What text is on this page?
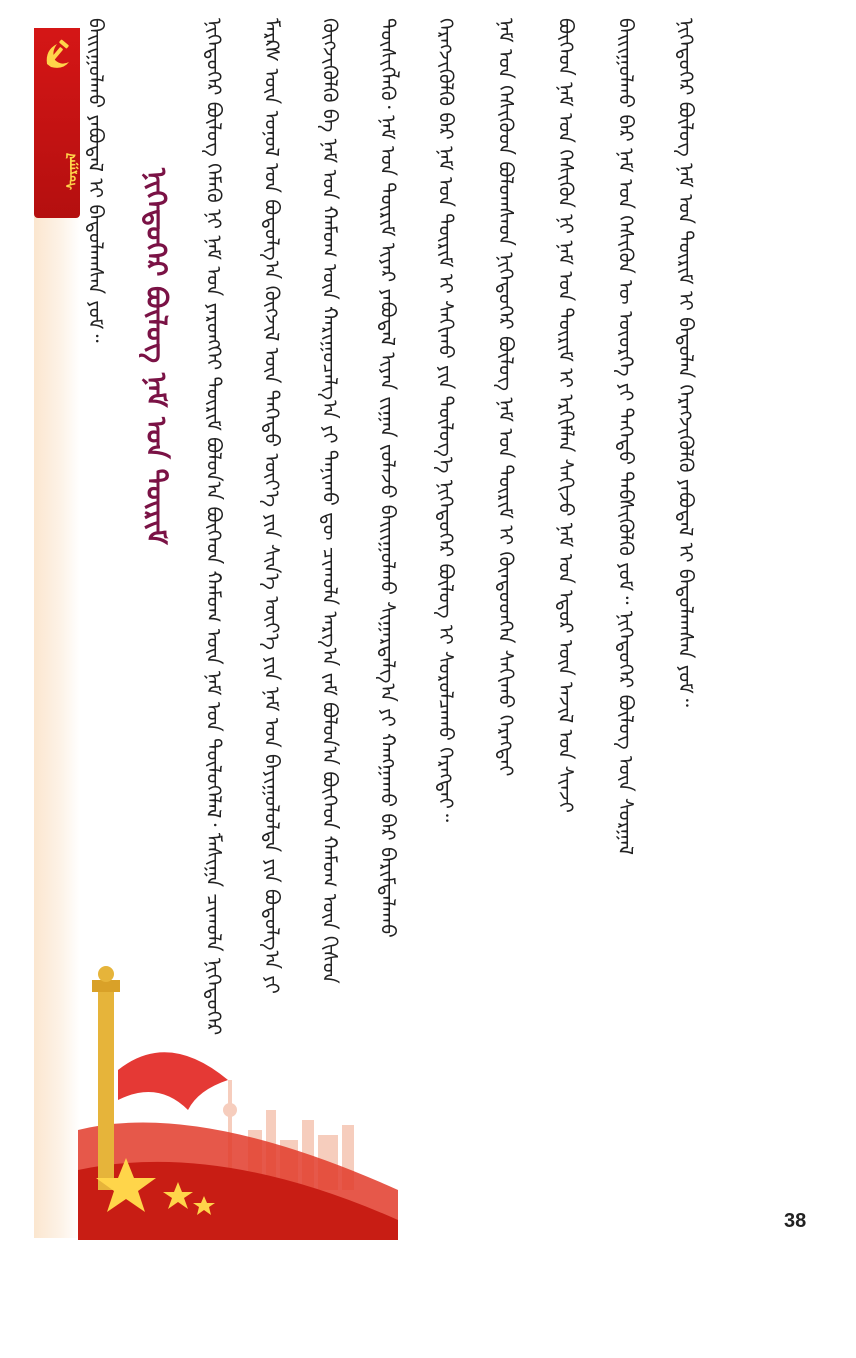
ᠰᠤᠷᠭᠠᠯ ᠪᠠᠢᠢᠭᠤᠯᠬᠤ ᠶᠠᠪᠤᠳᠠᠯ ᠢ ᠪᠠᠲᠤᠯᠠᠭᠰᠠᠨ ᠶᠤᠮ᠃ ᠨᠢᠭᠡᠳᠦᠭᠡᠷ ᠪᠦᠯᠦᠭ ᠨᠠᠮ ᠤᠨ ᠳᠦᠷᠢᠮ ᠨᠢᠭᠡᠳᠦᠭᠡᠷ ᠪᠦᠯᠦᠭ ᠬᠡᠮᠡᠬᠦ ᠨᠢ ᠨᠠᠮ ᠤᠨ ᠶᠡᠷᠦᠩᠬᠡᠢ ᠳᠦᠷᠢᠮ ᠪᠣᠯᠤᠨ᠎ᠠ ᠪᠥᠭᠡᠳ ᠬᠠᠮᠤᠭ ᠦᠨ ᠨᠠᠮ ᠤᠨ ᠲᠥᠯᠦᠭᠡᠯᠡᠯ᠂ ᠮᠠᠰᠢᠭᠠ ᠴᠢᠬᠤᠯᠠ ᠨᠢᠭᠡᠳᠦᠭᠡᠷ ᠮᠠᠷᠺᠰ ᠦᠨ ᠣᠨᠣᠯ ᠤᠨ ᠪᠣᠳᠤᠯᠭ᠎ᠠ ᠬᠥᠭᠵᠢᠯ ᠦᠨ ᠳᠡᠭᠡᠳᠦ ᠦᠶ᠎ᠡ ᠶᠢᠨ ᠰᠢᠨ᠎ᠡ ᠦᠶ᠎ᠡ ᠶᠢᠨ ᠨᠠᠮ ᠤᠨ ᠪᠠᠶᠢᠭᠤᠯᠤᠯᠲᠠ ᠶᠢᠨ ᠪᠣᠳᠤᠯᠭ᠎ᠠ ᠶᠢ ᠬᠥᠭᠵᠢᠭᠦᠯᠬᠦ ᠪᠠ ᠨᠠᠮ ᠤᠨ ᠬᠠᠮᠤᠭ ᠦᠨ ᠬᠠᠷᠢᠭᠤᠴᠠᠯᠭ᠎ᠠ ᠶᠢ ᠲᠠᠨᠢᠬᠤ ᠳᠦ ᠴᠢᠬᠤᠯᠠ ᠠᠷᠭ᠎ᠠ ᠵᠠᠮ ᠪᠣᠯᠤᠨ᠎ᠠ ᠪᠥᠭᠡᠳ ᠬᠠᠮᠤᠭ ᠦᠨ ᠭᠢᠰᠦᠨ ᠲᠦᠰᠢᠭᠯᠡᠬᠦ᠂ ᠨᠠᠮ ᠤᠨ ᠳᠦᠷᠢᠮ ᠢᠶᠡᠷ ᠶᠠᠪᠤᠳᠠᠯ ᠢᠶᠠᠨ ᠵᠢᠭᠠᠨ ᠵᠤᠯᠠᠵᠤ ᠪᠠᠢᠢᠭᠤᠯᠬᠤ ᠰᠢᠭᠠᠷᠳᠠᠯᠭ᠎ᠠ ᠶᠢ ᠬᠠᠩᠭᠠᠬᠤ ᠪᠠᠷ ᠪᠠᠷᠢᠮᠲᠠᠯᠠᠬᠤ ᠬᠡᠷᠡᠭᠵᠢᠭᠦᠯᠬᠦ ᠪᠠᠷ ᠨᠠᠮ ᠤᠨ ᠳᠦᠷᠢᠮ ᠢ ᠰᠠᠬᠢᠬᠤ ᠶᠢᠨ ᠲᠥᠯᠥᠭ᠎ᠡ ᠨᠢᠭᠡᠳᠦᠭᠡᠷ ᠪᠦᠯᠦᠭ ᠢ ᠰᠤᠷᠤᠯᠴᠠᠬᠤ ᠬᠡᠷᠡᠭᠲᠡᠢ᠃ ᠨᠠᠮ ᠤᠨ ᠭᠡᠰᠢᠭᠦᠳ ᠪᠣᠯᠤᠭᠰᠠᠳ ᠨᠢᠭᠡᠳᠦᠭᠡᠷ ᠪᠦᠯᠦᠭ ᠨᠠᠮ ᠤᠨ ᠳᠦᠷᠢᠮ ᠢ ᠬᠦᠨᠳᠦᠳᠬᠡᠨ ᠰᠠᠬᠢᠬᠤ ᠬᠡᠷᠡᠭᠲᠡᠢ ᠪᠥᠭᠡᠳ ᠨᠠᠮ ᠤᠨ ᠭᠡᠰᠢᠭᠦᠨ ᠨᠢ ᠨᠠᠮ ᠤᠨ ᠳᠦᠷᠢᠮ ᠢ ᠡᠷᠬᠢᠮᠯᠡᠨ ᠰᠠᠬᠢᠵᠤ ᠨᠠᠮ ᠤᠨ ᠡᠳᠦᠷ ᠦᠨ ᠠᠵᠢᠯ ᠤᠨ ᠰᠢᠨᠵᠢ ᠪᠠᠢᠢᠭᠤᠯᠬᠤ ᠪᠠᠷ ᠨᠠᠮ ᠤᠨ ᠭᠡᠰᠢᠭᠦᠨ ᠦ ᠦᠦᠷᠭᠡ ᠶᠢ ᠳᠡᠭᠡᠳᠦ ᠳᠡᠪᠰᠢᠭᠦᠯᠬᠦ ᠶᠤᠮ᠃ ᠨᠢᠭᠡᠳᠦᠭᠡᠷ ᠪᠦᠯᠦᠭ ᠦᠨ ᠰᠤᠷᠭᠠᠯ ᠨᠢᠭᠡᠳᠦᠭᠡᠷ ᠪᠦᠯᠦᠭ ᠨᠠᠮ ᠤᠨ ᠳᠦᠷᠢᠮ ᠢ ᠪᠠᠲᠤᠯᠠᠨ ᠬᠡᠷᠡᠭᠵᠢᠭᠦᠯᠬᠦ ᠶᠠᠪᠤᠳᠠᠯ ᠢ ᠪᠠᠲᠤᠯᠠᠭᠰᠠᠨ ᠶᠤᠮ᠃
38
